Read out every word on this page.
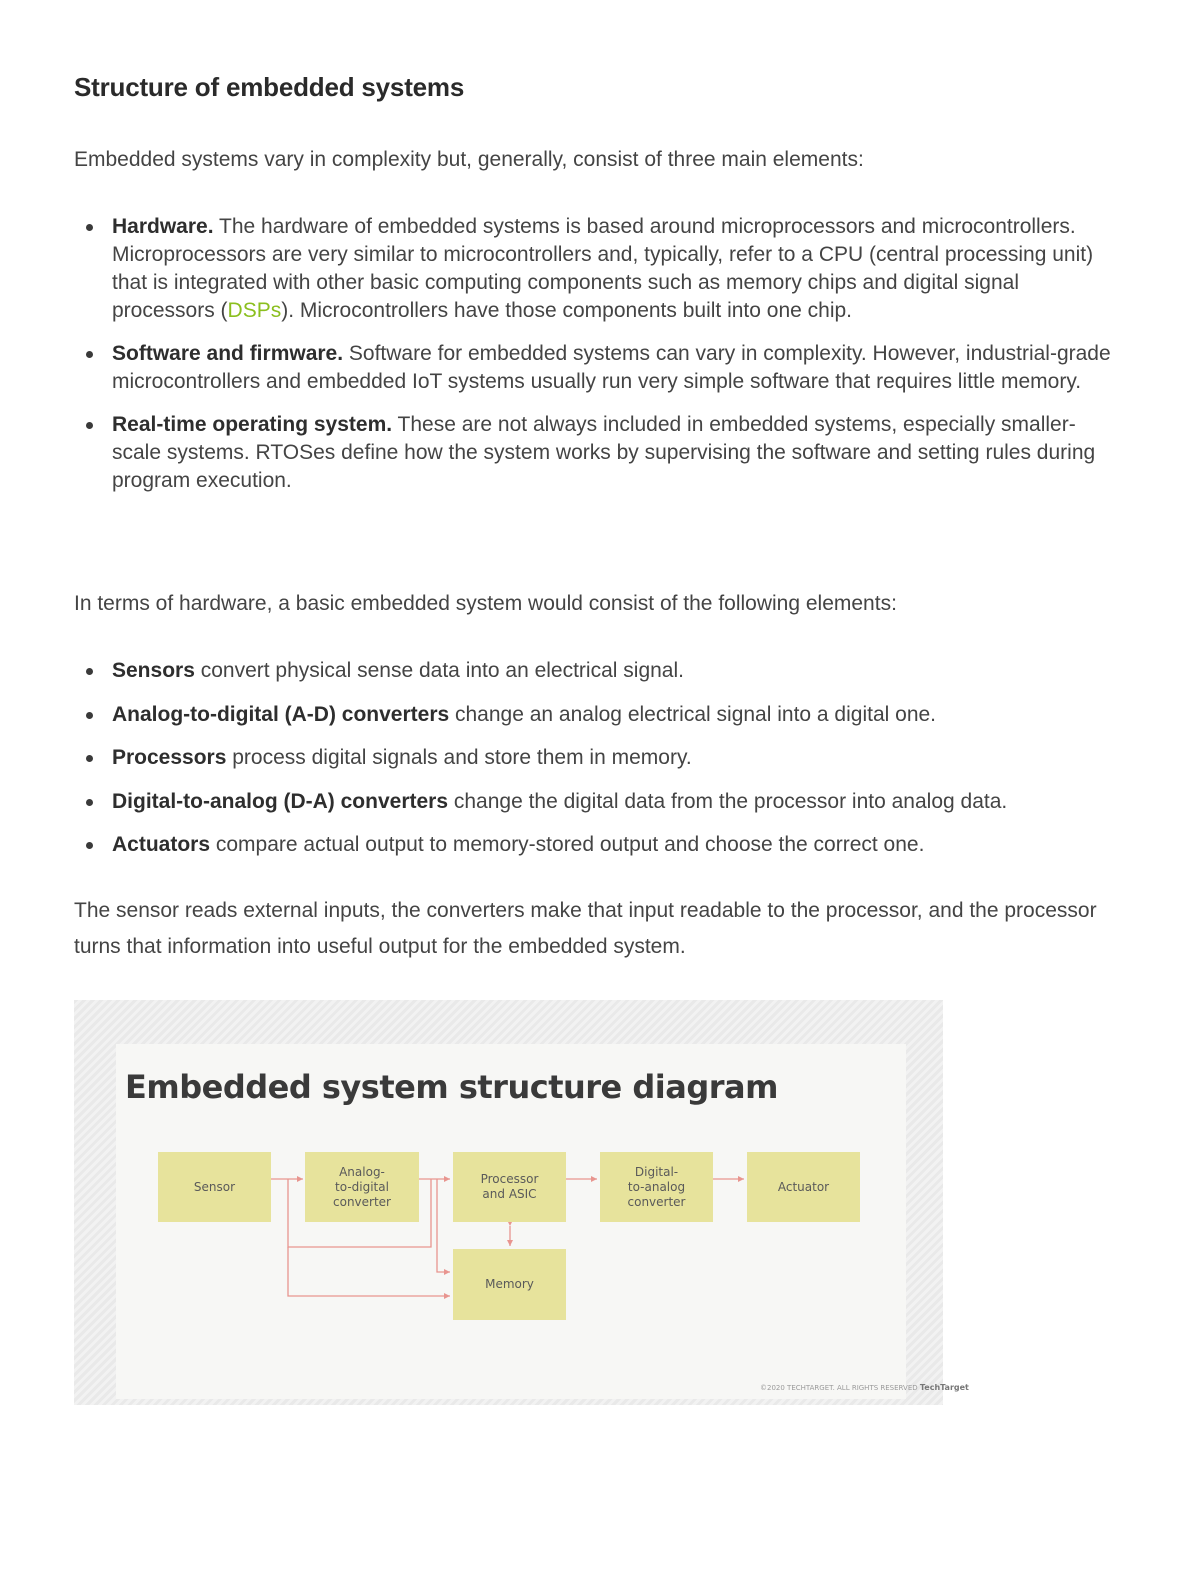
Structure of embedded systems

Embedded systems vary in complexity but, generally, consist of three main elements:

Hardware. The hardware of embedded systems is based around microprocessors and microcontrollers. Microprocessors are very similar to microcontrollers and, typically, refer to a CPU (central processing unit) that is integrated with other basic computing components such as memory chips and digital signal processors (DSPs). Microcontrollers have those components built into one chip.
Software and firmware. Software for embedded systems can vary in complexity. However, industrial-grade microcontrollers and embedded IoT systems usually run very simple software that requires little memory.
Real-time operating system. These are not always included in embedded systems, especially smaller-scale systems. RTOSes define how the system works by supervising the software and setting rules during program execution.

In terms of hardware, a basic embedded system would consist of the following elements:

Sensors convert physical sense data into an electrical signal.
Analog-to-digital (A-D) converters change an analog electrical signal into a digital one.
Processors process digital signals and store them in memory.
Digital-to-analog (D-A) converters change the digital data from the processor into analog data.
Actuators compare actual output to memory-stored output and choose the correct one.

The sensor reads external inputs, the converters make that input readable to the processor, and the processor turns that information into useful output for the embedded system.

Embedded system structure diagram
Sensor
Analog-
to-digital
converter
Processor
and ASIC
Digital-
to-analog
converter
Actuator
Memory
©2020 TECHTARGET. ALL RIGHTS RESERVED TechTarget
